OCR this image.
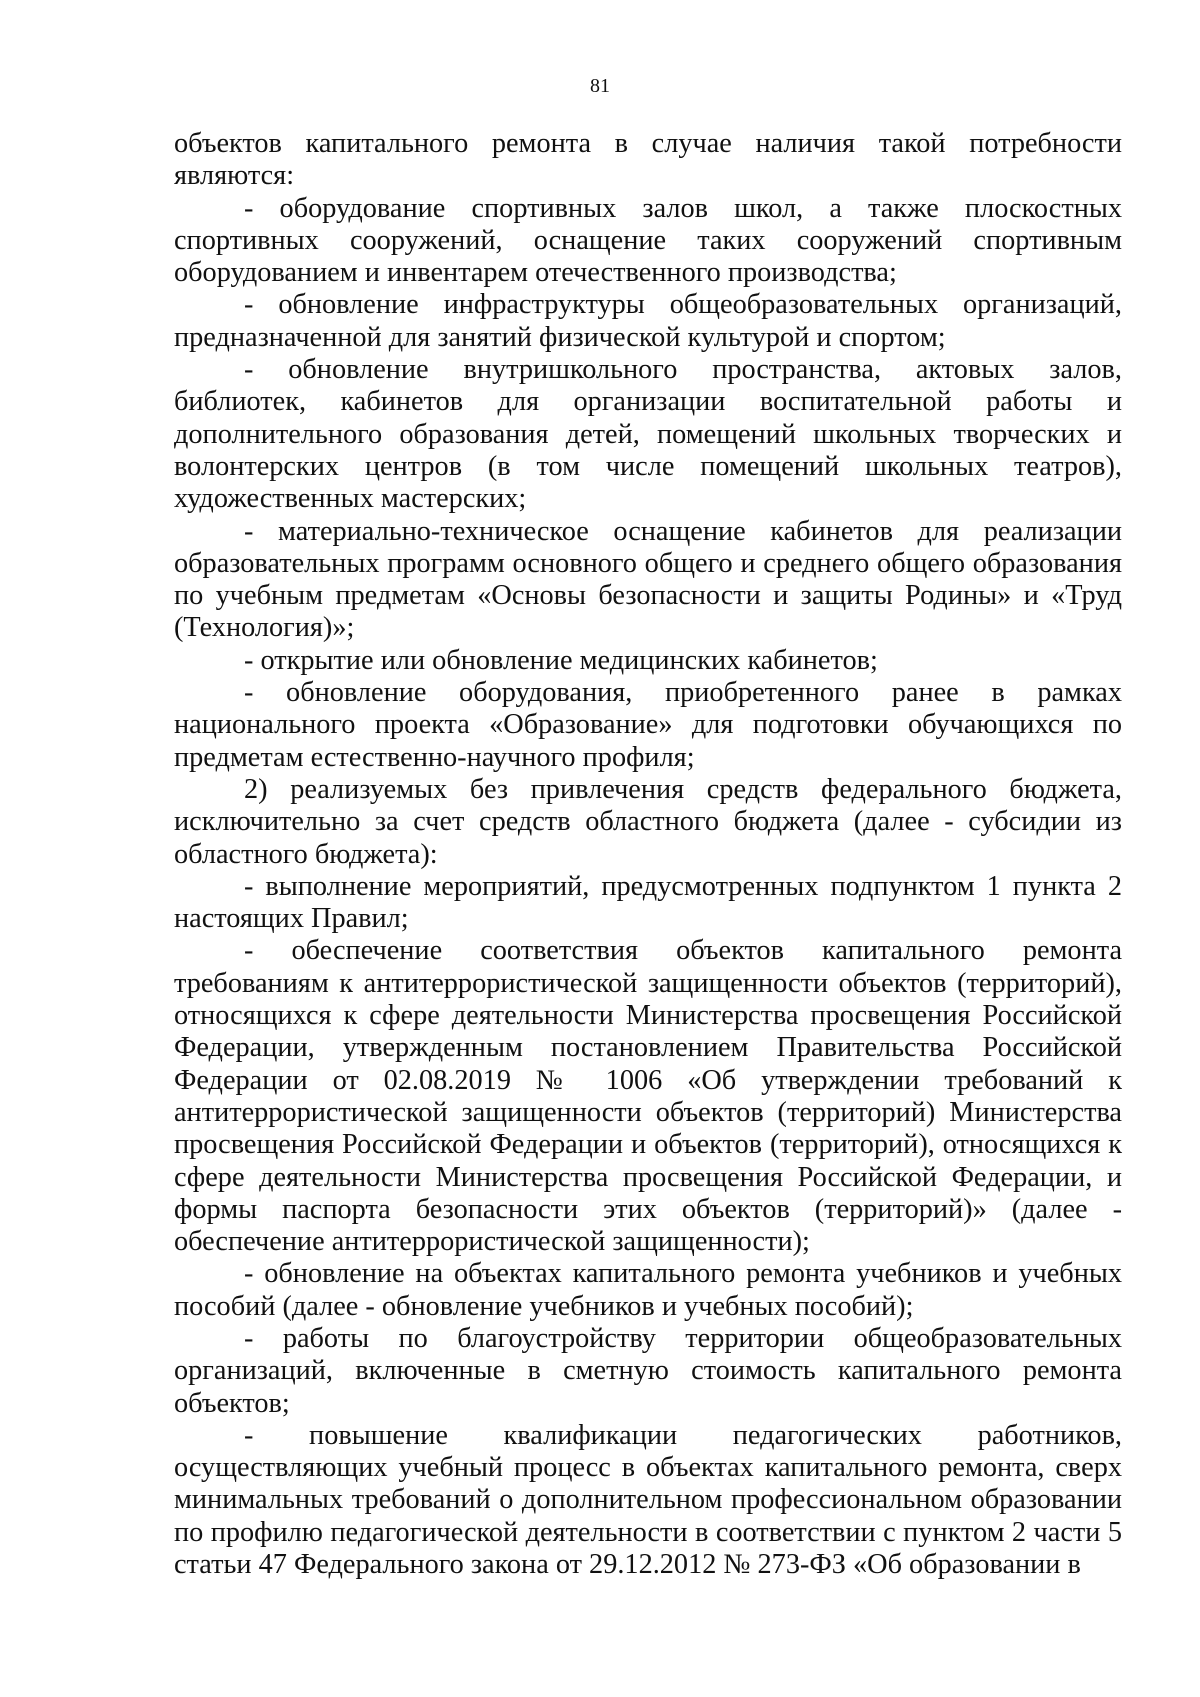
81

объектов капитального ремонта в случае наличия такой потребности являются:

- оборудование спортивных залов школ, а также плоскостных спортивных сооружений, оснащение таких сооружений спортивным оборудованием и инвентарем отечественного производства;

- обновление инфраструктуры общеобразовательных организаций, предназначенной для занятий физической культурой и спортом;

- обновление внутришкольного пространства, актовых залов, библиотек, кабинетов для организации воспитательной работы и дополнительного образования детей, помещений школьных творческих и волонтерских центров (в том числе помещений школьных театров), художественных мастерских;

- материально-техническое оснащение кабинетов для реализации образовательных программ основного общего и среднего общего образования по учебным предметам «Основы безопасности и защиты Родины» и «Труд (Технология)»;

- открытие или обновление медицинских кабинетов;

- обновление оборудования, приобретенного ранее в рамках национального проекта «Образование» для подготовки обучающихся по предметам естественно-научного профиля;

2) реализуемых без привлечения средств федерального бюджета, исключительно за счет средств областного бюджета (далее - субсидии из областного бюджета):

- выполнение мероприятий, предусмотренных подпунктом 1 пункта 2 настоящих Правил;

- обеспечение соответствия объектов капитального ремонта требованиям к антитеррористической защищенности объектов (территорий), относящихся к сфере деятельности Министерства просвещения Российской Федерации, утвержденным постановлением Правительства Российской Федерации от 02.08.2019 № 1006 «Об утверждении требований к антитеррористической защищенности объектов (территорий) Министерства просвещения Российской Федерации и объектов (территорий), относящихся к сфере деятельности Министерства просвещения Российской Федерации, и формы паспорта безопасности этих объектов (территорий)» (далее - обеспечение антитеррористической защищенности);

- обновление на объектах капитального ремонта учебников и учебных пособий (далее - обновление учебников и учебных пособий);

- работы по благоустройству территории общеобразовательных организаций, включенные в сметную стоимость капитального ремонта объектов;

- повышение квалификации педагогических работников, осуществляющих учебный процесс в объектах капитального ремонта, сверх минимальных требований о дополнительном профессиональном образовании по профилю педагогической деятельности в соответствии с пунктом 2 части 5 статьи 47 Федерального закона от 29.12.2012 № 273-ФЗ «Об образовании в
